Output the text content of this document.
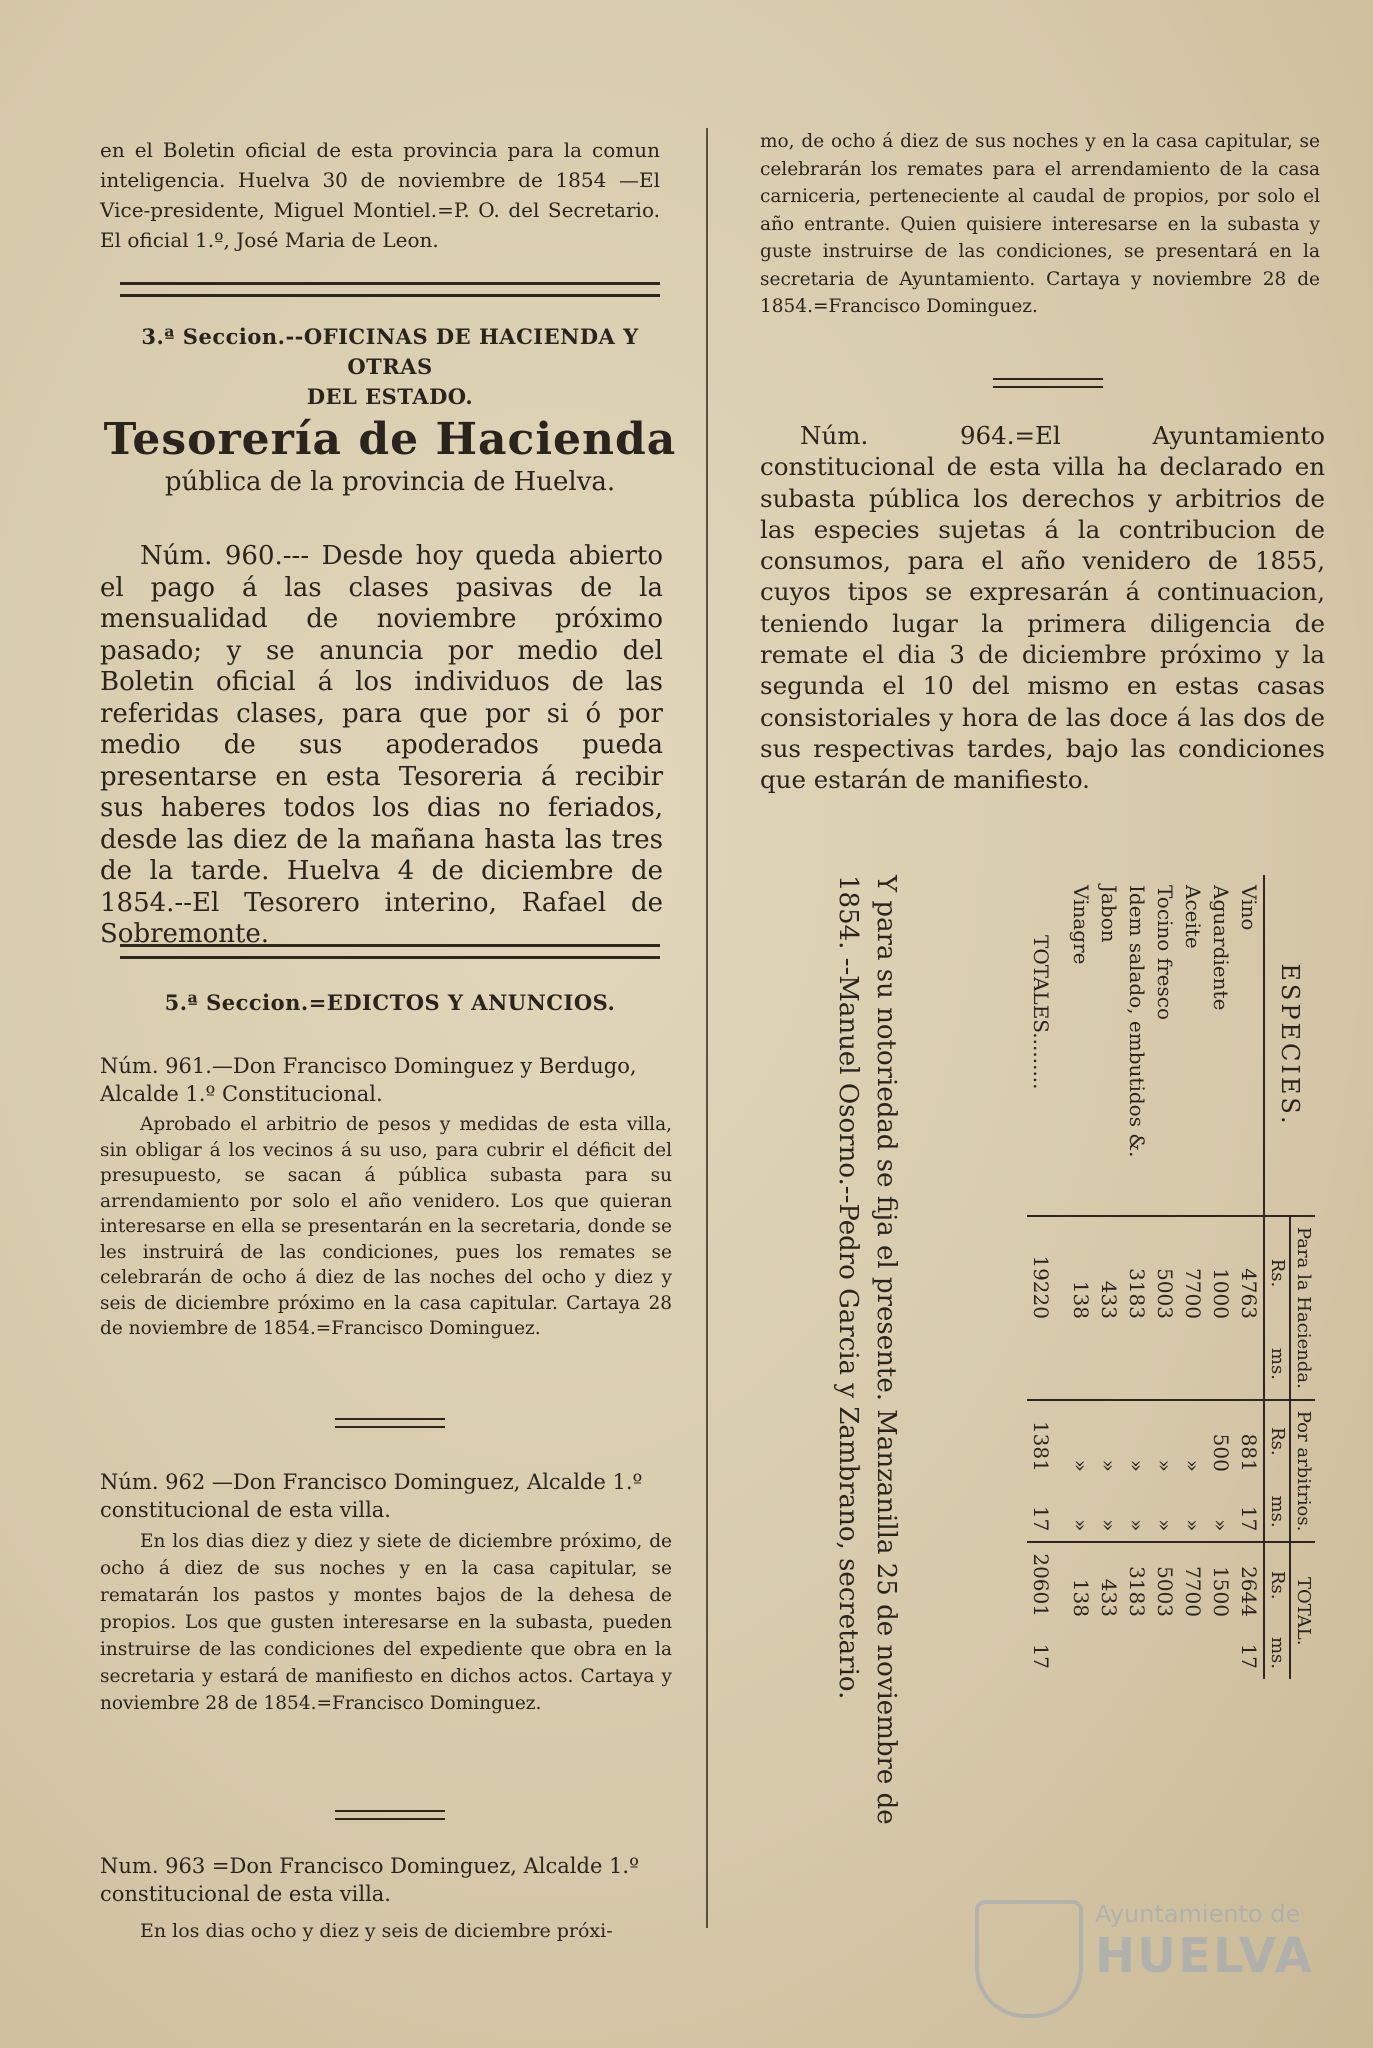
en el Boletin oficial de esta provincia para la comun inteligencia. Huelva 30 de noviembre de 1854 —El Vice-presidente, Miguel Montiel.=P. O. del Secretario. El oficial 1.º, José Maria de Leon.

3.ª Seccion.--OFICINAS DE HACIENDA Y OTRAS

DEL ESTADO.

Tesorería de Hacienda

pública de la provincia de Huelva.

Núm. 960.--- Desde hoy queda abierto el pago á las clases pasivas de la mensualidad de noviembre próximo pasado; y se anuncia por medio del Boletin oficial á los individuos de las referidas clases, para que por si ó por medio de sus apoderados pueda presentarse en esta Tesoreria á recibir sus haberes todos los dias no feriados, desde las diez de la mañana hasta las tres de la tarde. Huelva 4 de diciembre de 1854.--El Tesorero interino, Rafael de Sobremonte.

5.ª Seccion.=EDICTOS Y ANUNCIOS.

Núm. 961.—Don Francisco Dominguez y Berdugo,

Alcalde 1.º Constitucional.

Aprobado el arbitrio de pesos y medidas de esta villa, sin obligar á los vecinos á su uso, para cubrir el déficit del presupuesto, se sacan á pública subasta para su arrendamiento por solo el año venidero. Los que quieran interesarse en ella se presentarán en la secretaria, donde se les instruirá de las condiciones, pues los remates se celebrarán de ocho á diez de las noches del ocho y diez y seis de diciembre próximo en la casa capitular. Cartaya 28 de noviembre de 1854.=Francisco Dominguez.

Núm. 962 —Don Francisco Dominguez, Alcalde 1.º

constitucional de esta villa.

En los dias diez y diez y siete de diciembre próximo, de ocho á diez de sus noches y en la casa capitular, se rematarán los pastos y montes bajos de la dehesa de propios. Los que gusten interesarse en la subasta, pueden instruirse de las condiciones del expediente que obra en la secretaria y estará de manifiesto en dichos actos. Cartaya y noviembre 28 de 1854.=Francisco Dominguez.

Num. 963 =Don Francisco Dominguez, Alcalde 1.º

constitucional de esta villa.

En los dias ocho y diez y seis de diciembre próxi-

mo, de ocho á diez de sus noches y en la casa capitular, se celebrarán los remates para el arrendamiento de la casa carniceria, perteneciente al caudal de propios, por solo el año entrante. Quien quisiere interesarse en la subasta y guste instruirse de las condiciones, se presentará en la secretaria de Ayuntamiento. Cartaya y noviembre 28 de 1854.=Francisco Dominguez.

Núm. 964.=El Ayuntamiento constitucional de esta villa ha declarado en subasta pública los derechos y arbitrios de las especies sujetas á la contribucion de consumos, para el año venidero de 1855, cuyos tipos se expresarán á continuacion, teniendo lugar la primera diligencia de remate el dia 3 de diciembre próximo y la segunda el 10 del mismo en estas casas consistoriales y hora de las doce á las dos de sus respectivas tardes, bajo las condiciones que estarán de manifiesto.

ESPECIES.	Para la Hacienda.		Por arbitrios.		TOTAL.	
	Rs.	ms.	Rs.	ms.	Rs.	ms.
Vino	4763		881	17	2644	17
Aguardiente	1000		500	»	1500	
Aceite	7700		»	»	7700	
Tocino fresco	5003		»	»	5003	
Idem salado, embutidos &.	3183		»	»	3183	
Jabon	433		»	»	433	
Vinagre	138		»	»	138	
TOTALES.........	19220		1381	17	20601	17

Y para su notoriedad se fija el presente. Manzanilla 25 de noviembre de 1854. --Manuel Osorno.--Pedro Garcia y Zambrano, secretario.

Ayuntamiento de
HUELVA
